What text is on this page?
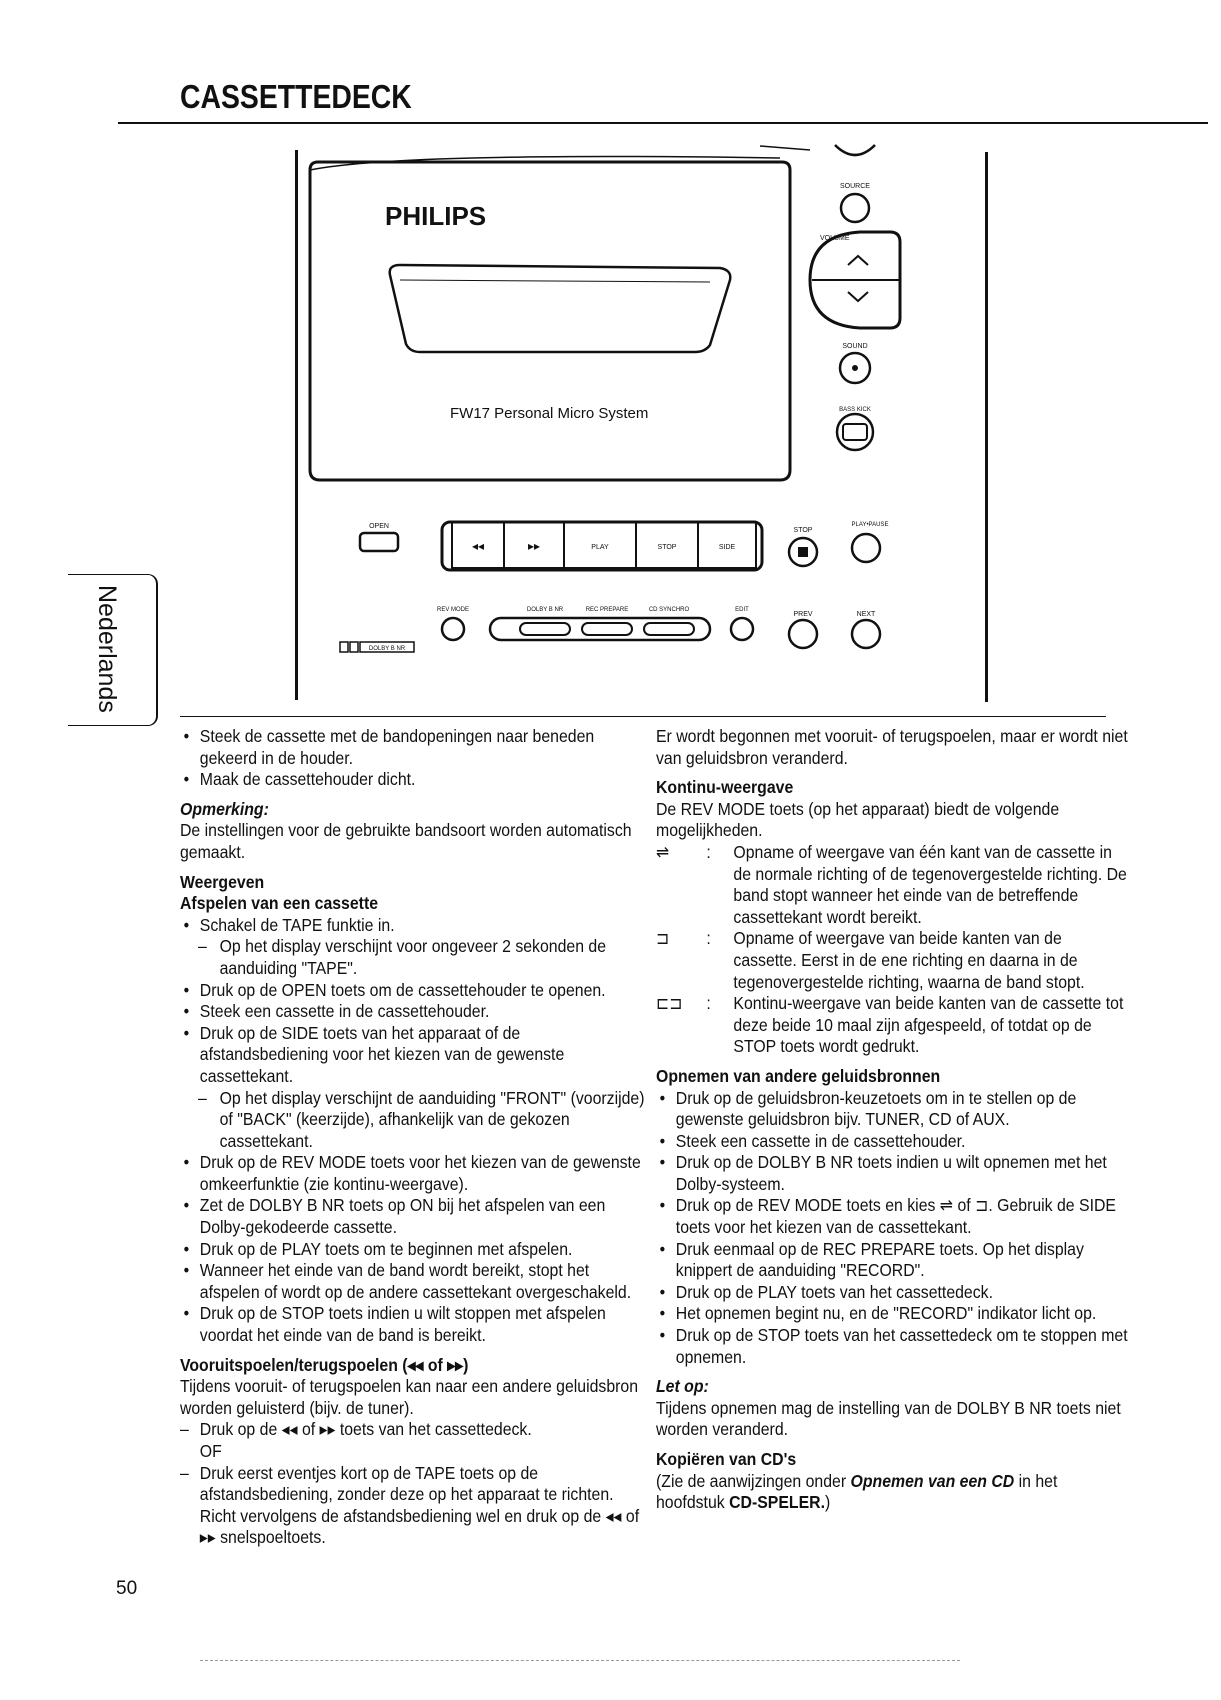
CASSETTEDECK
Nederlands
PHILIPS
FW17 Personal Micro System
SOURCE
VOLUME
SOUND
BASS KICK
OPEN
◂◂	▸▸	PLAY	STOP	SIDE
STOP
PLAY•PAUSE
REV MODE	DOLBY B NR	REC PREPARE	CD SYNCHRO	EDIT
PREV	NEXT
DOLBY B NR
• Steek de cassette met de bandopeningen naar beneden gekeerd in de houder.
• Maak de cassettehouder dicht.
Opmerking:
De instellingen voor de gebruikte bandsoort worden automatisch gemaakt.
Weergeven
Afspelen van een cassette
• Schakel de TAPE funktie in.
– Op het display verschijnt voor ongeveer 2 sekonden de aanduiding "TAPE".
• Druk op de OPEN toets om de cassettehouder te openen.
• Steek een cassette in de cassettehouder.
• Druk op de SIDE toets van het apparaat of de afstandsbediening voor het kiezen van de gewenste cassettekant.
– Op het display verschijnt de aanduiding "FRONT" (voorzijde) of "BACK" (keerzijde), afhankelijk van de gekozen cassettekant.
• Druk op de REV MODE toets voor het kiezen van de gewenste omkeerfunktie (zie kontinu-weergave).
• Zet de DOLBY B NR toets op ON bij het afspelen van een Dolby-gekodeerde cassette.
• Druk op de PLAY toets om te beginnen met afspelen.
• Wanneer het einde van de band wordt bereikt, stopt het afspelen of wordt op de andere cassettekant overgeschakeld.
• Druk op de STOP toets indien u wilt stoppen met afspelen voordat het einde van de band is bereikt.
Vooruitspoelen/terugspoelen (◂◂ of ▸▸)
Tijdens vooruit- of terugspoelen kan naar een andere geluidsbron worden geluisterd (bijv. de tuner).
– Druk op de ◂◂ of ▸▸ toets van het cassettedeck.
OF
– Druk eerst eventjes kort op de TAPE toets op de afstandsbediening, zonder deze op het apparaat te richten. Richt vervolgens de afstandsbediening wel en druk op de ◂◂ of ▸▸ snelspoeltoets.
Er wordt begonnen met vooruit- of terugspoelen, maar er wordt niet van geluidsbron veranderd.
Kontinu-weergave
De REV MODE toets (op het apparaat) biedt de volgende mogelijkheden.
⇌ : Opname of weergave van één kant van de cassette in de normale richting of de tegenovergestelde richting. De band stopt wanneer het einde van de betreffende cassettekant wordt bereikt.
⊐ : Opname of weergave van beide kanten van de cassette. Eerst in de ene richting en daarna in de tegenovergestelde richting, waarna de band stopt.
⊏⊐ : Kontinu-weergave van beide kanten van de cassette tot deze beide 10 maal zijn afgespeeld, of totdat op de STOP toets wordt gedrukt.
Opnemen van andere geluidsbronnen
• Druk op de geluidsbron-keuzetoets om in te stellen op de gewenste geluidsbron bijv. TUNER, CD of AUX.
• Steek een cassette in de cassettehouder.
• Druk op de DOLBY B NR toets indien u wilt opnemen met het Dolby-systeem.
• Druk op de REV MODE toets en kies ⇌ of ⊐. Gebruik de SIDE toets voor het kiezen van de cassettekant.
• Druk eenmaal op de REC PREPARE toets. Op het display knippert de aanduiding "RECORD".
• Druk op de PLAY toets van het cassettedeck.
• Het opnemen begint nu, en de "RECORD" indikator licht op.
• Druk op de STOP toets van het cassettedeck om te stoppen met opnemen.
Let op:
Tijdens opnemen mag de instelling van de DOLBY B NR toets niet worden veranderd.
Kopiëren van CD's
(Zie de aanwijzingen onder Opnemen van een CD in het hoofdstuk CD-SPELER.)
50
